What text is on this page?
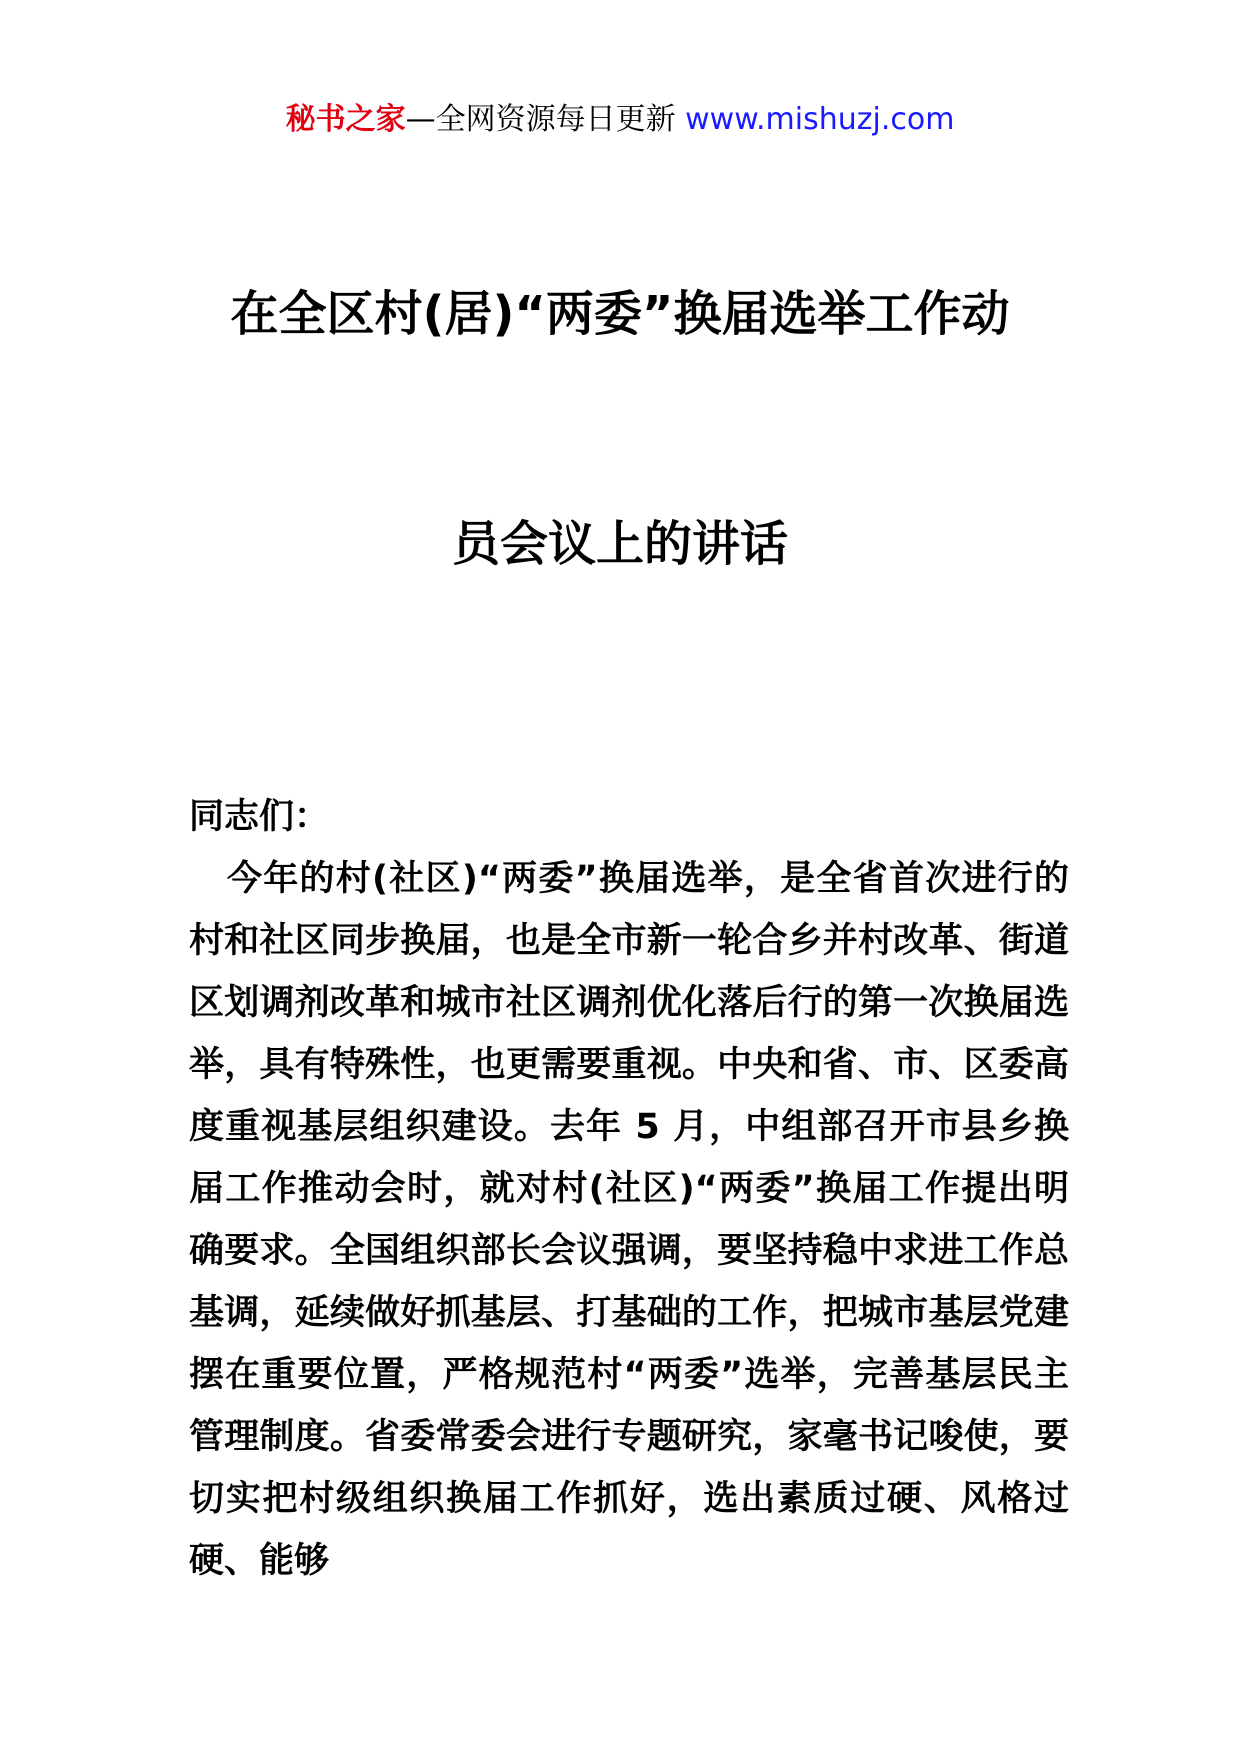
秘书之家—全网资源每日更新 www.mishuzj.com
在全区村(居)“两委”换届选举工作动
员会议上的讲话

同志们：

今年的村(社区)“两委”换届选举，是全省首次进行的村和社区同步换届，也是全市新一轮合乡并村改革、街道区划调剂改革和城市社区调剂优化落后行的第一次换届选举，具有特殊性，也更需要重视。中央和省、市、区委高度重视基层组织建设。去年 5 月，中组部召开市县乡换届工作推动会时，就对村(社区)“两委”换届工作提出明确要求。全国组织部长会议强调，要坚持稳中求进工作总基调，延续做好抓基层、打基础的工作，把城市基层党建摆在重要位置，严格规范村“两委”选举，完善基层民主管理制度。省委常委会进行专题研究，家毫书记唆使，要切实把村级组织换届工作抓好，选出素质过硬、风格过硬、能够
